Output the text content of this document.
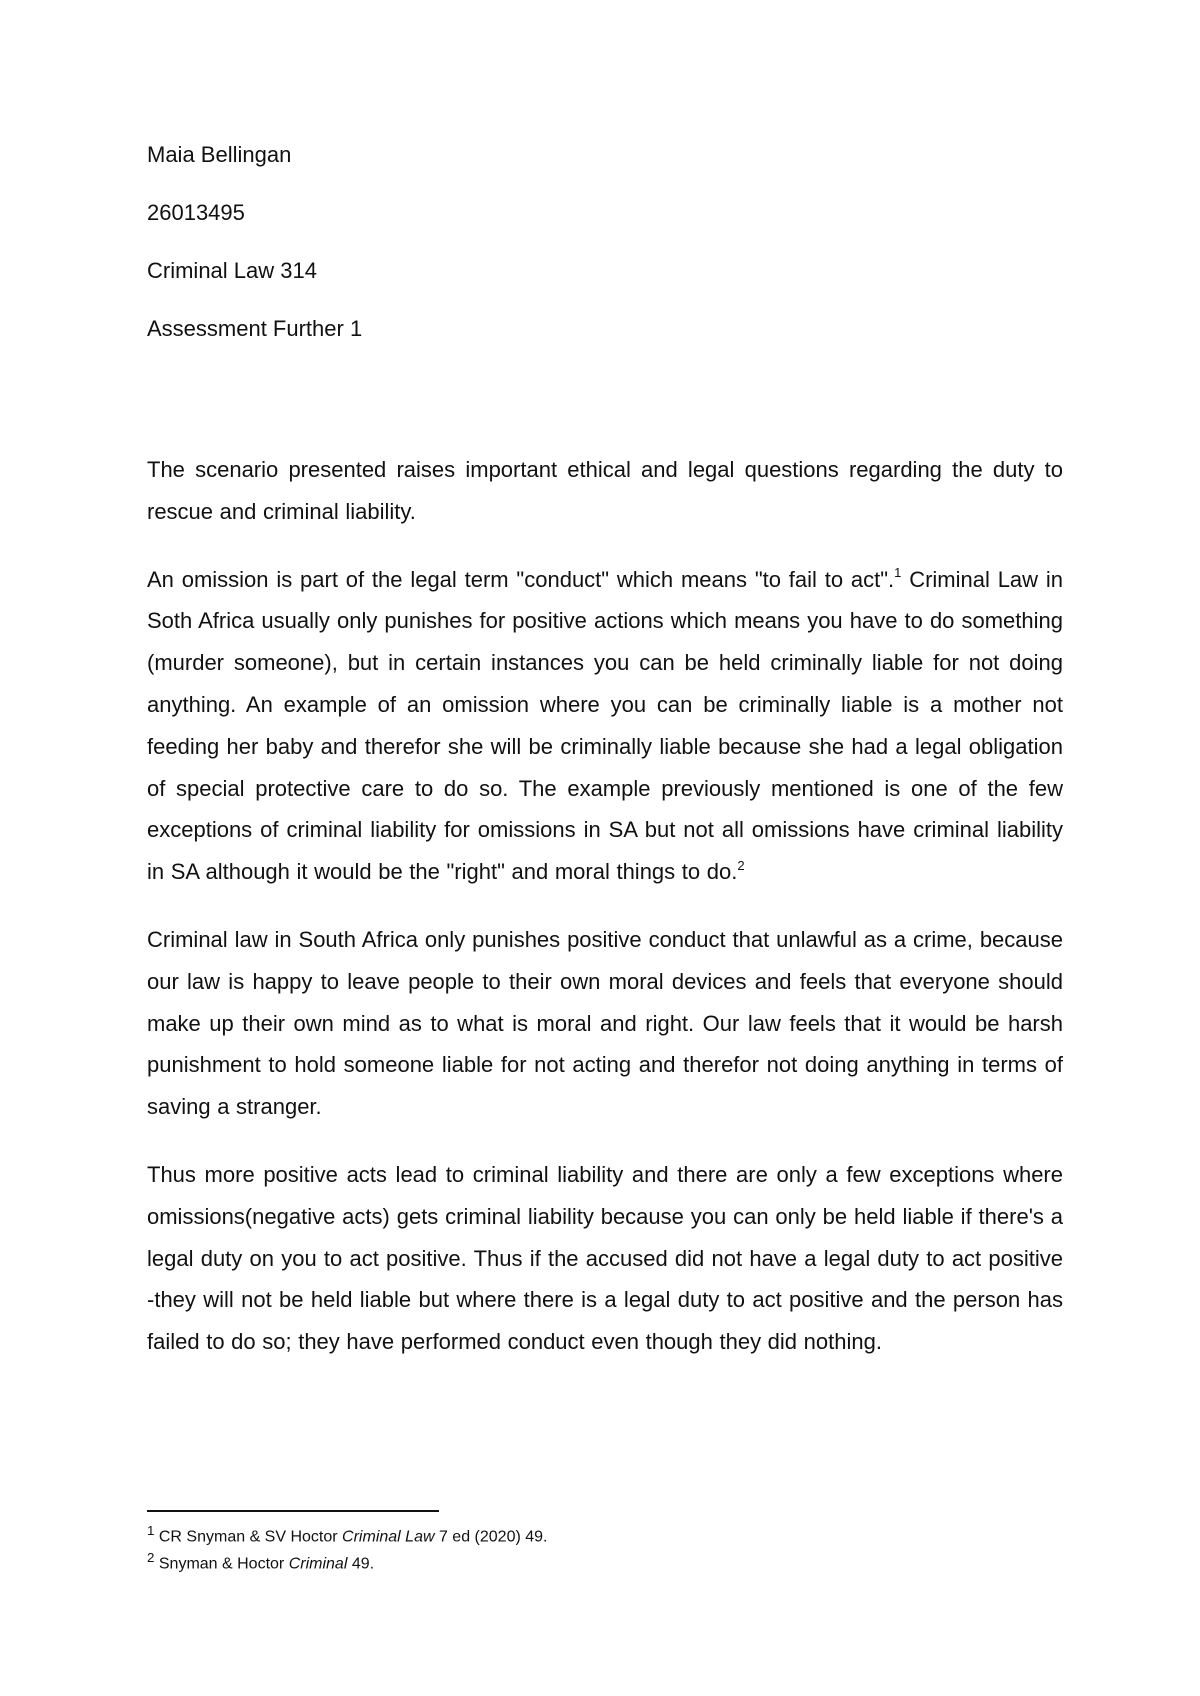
Maia Bellingan
26013495
Criminal Law 314
Assessment Further 1

The scenario presented raises important ethical and legal questions regarding the duty to rescue and criminal liability.

An omission is part of the legal term "conduct" which means "to fail to act".$^1$ Criminal Law in Soth Africa usually only punishes for positive actions which means you have to do something (murder someone), but in certain instances you can be held criminally liable for not doing anything. An example of an omission where you can be criminally liable is a mother not feeding her baby and therefor she will be criminally liable because she had a legal obligation of special protective care to do so. The example previously mentioned is one of the few exceptions of criminal liability for omissions in SA but not all omissions have criminal liability in SA although it would be the "right" and moral things to do.$^2$

Criminal law in South Africa only punishes positive conduct that unlawful as a crime, because our law is happy to leave people to their own moral devices and feels that everyone should make up their own mind as to what is moral and right. Our law feels that it would be harsh punishment to hold someone liable for not acting and therefor not doing anything in terms of saving a stranger.

Thus more positive acts lead to criminal liability and there are only a few exceptions where omissions(negative acts) gets criminal liability because you can only be held liable if there's a legal duty on you to act positive. Thus if the accused did not have a legal duty to act positive -they will not be held liable but where there is a legal duty to act positive and the person has failed to do so; they have performed conduct even though they did nothing.

$^1$ CR Snyman & SV Hoctor Criminal Law 7 ed (2020) 49.
$^2$ Snyman & Hoctor Criminal 49.
